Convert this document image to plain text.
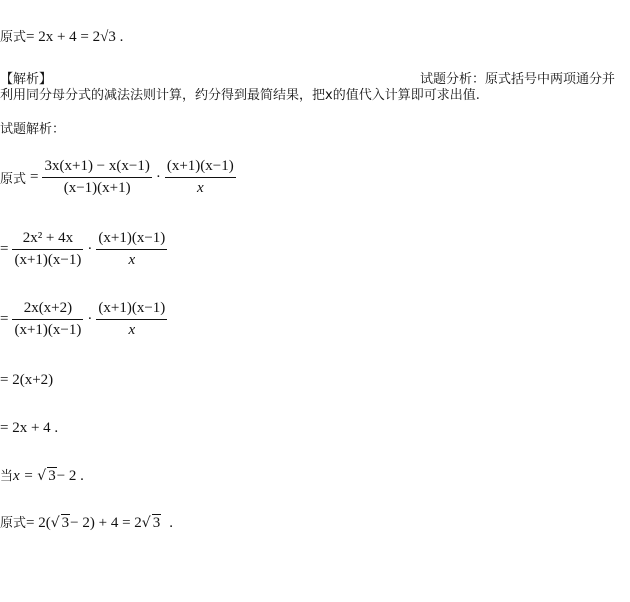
原式= 2x + 4 = 2√3 .
【解析】	试题分析：原式括号中两项通分并
利用同分母分式的减法法则计算，约分得到最简结果，把x的值代入计算即可求出值.
试题解析：
原式 = $\frac{3x(x+1) - x(x-1)}{(x-1)(x+1)} \cdot \frac{(x+1)(x-1)}{x}$
= $\frac{\text{2x² + 4x}}{(x+1)(x-1)} \cdot \frac{(x+1)(x-1)}{x}$
= $\frac{2x(x+2)}{(x+1)(x-1)} \cdot \frac{(x+1)(x-1)}{x}$
= 2(x+2)
= 2x + 4 .
当x = √ 3− 2 .
原式= 2(√ 3− 2) + 4 = 2√ 3 .
